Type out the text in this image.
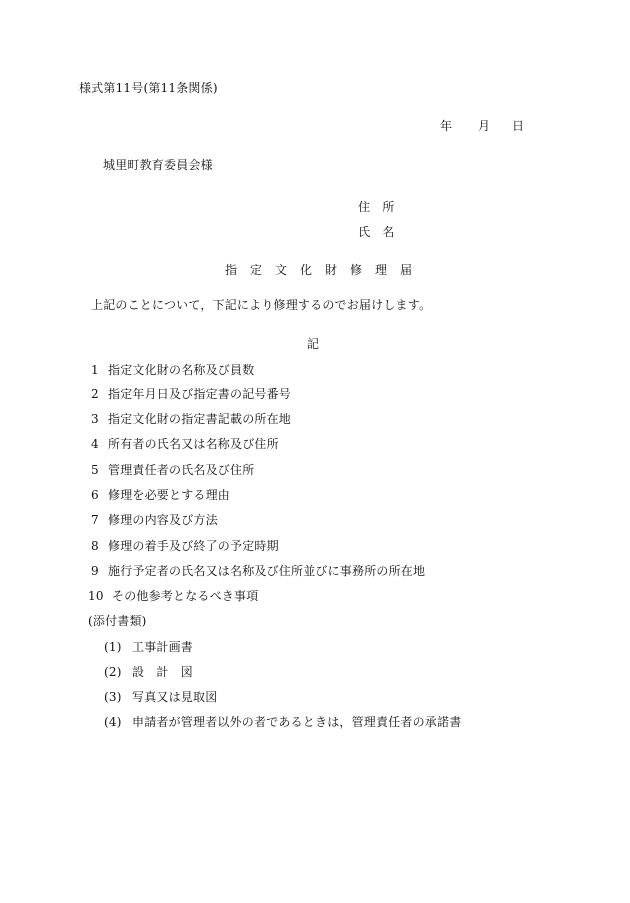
様式第11号(第11条関係)
年 月 日
城里町教育委員会様
住　所
氏　名
指定文化財修理届
上記のことについて，下記により修理するのでお届けします。
記
1 指定文化財の名称及び員数
2 指定年月日及び指定書の記号番号
3 指定文化財の指定書記載の所在地
4 所有者の氏名又は名称及び住所
5 管理責任者の氏名及び住所
6 修理を必要とする理由
7 修理の内容及び方法
8 修理の着手及び終了の予定時期
9 施行予定者の氏名又は名称及び住所並びに事務所の所在地
10 その他参考となるべき事項
(添付書類)
(1) 工事計画書
(2) 設　計　図
(3) 写真又は見取図
(4) 申請者が管理者以外の者であるときは，管理責任者の承諾書
